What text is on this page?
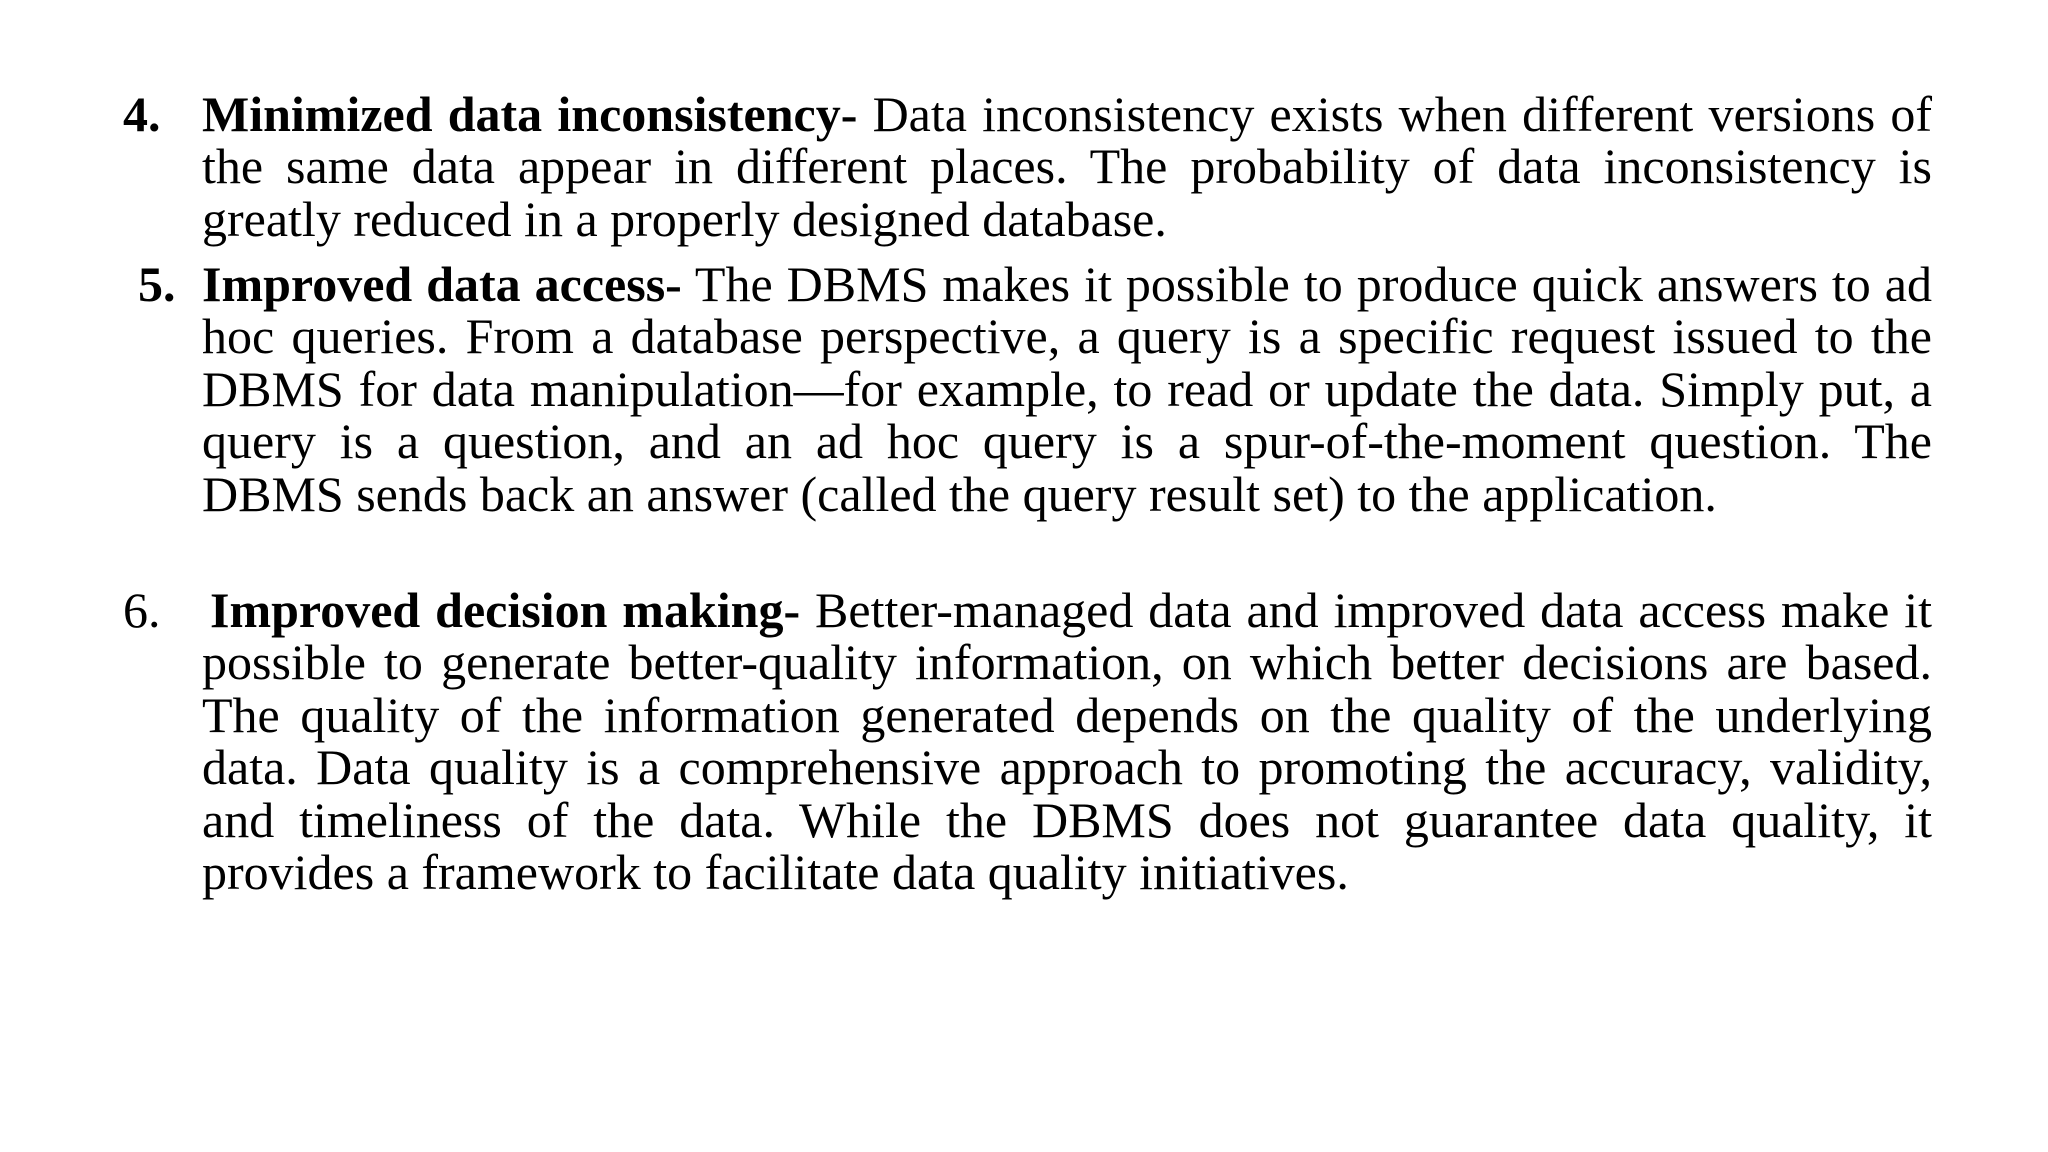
4. Minimized data inconsistency- Data inconsistency exists when different versions of the same data appear in different places. The probability of data inconsistency is greatly reduced in a properly designed database.
5. Improved data access- The DBMS makes it possible to produce quick answers to ad hoc queries. From a database perspective, a query is a specific request issued to the DBMS for data manipulation—for example, to read or update the data. Simply put, a query is a question, and an ad hoc query is a spur-of-the-moment question. The DBMS sends back an answer (called the query result set) to the application.
6. Improved decision making- Better-managed data and improved data access make it possible to generate better-quality information, on which better decisions are based. The quality of the information generated depends on the quality of the underlying data. Data quality is a comprehensive approach to promoting the accuracy, validity, and timeliness of the data. While the DBMS does not guarantee data quality, it provides a framework to facilitate data quality initiatives.
